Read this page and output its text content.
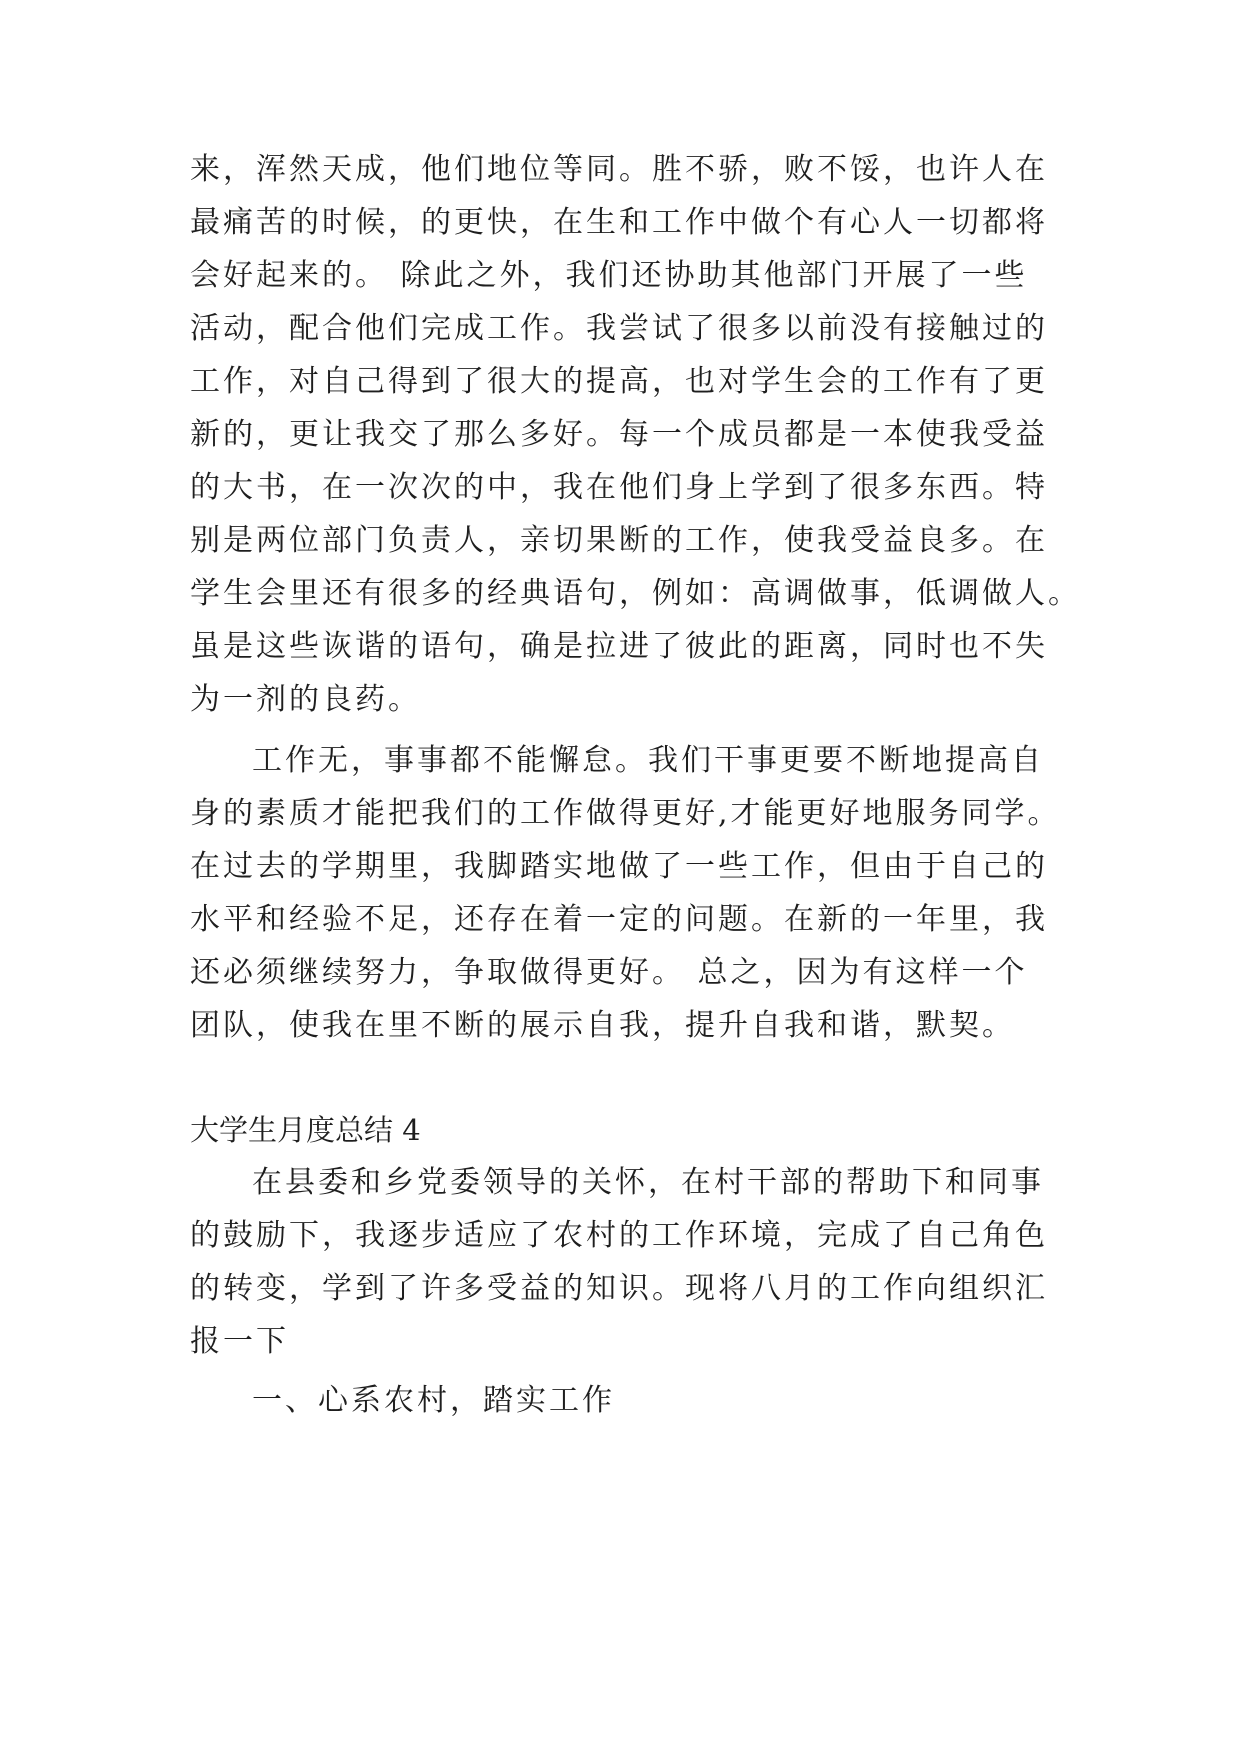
来，浑然天成，他们地位等同。胜不骄，败不馁，也许人在
最痛苦的时候，的更快，在生和工作中做个有心人一切都将
会好起来的。 除此之外，我们还协助其他部门开展了一些
活动，配合他们完成工作。我尝试了很多以前没有接触过的
工作，对自己得到了很大的提高，也对学生会的工作有了更
新的，更让我交了那么多好。每一个成员都是一本使我受益
的大书，在一次次的中，我在他们身上学到了很多东西。特
别是两位部门负责人，亲切果断的工作，使我受益良多。在
学生会里还有很多的经典语句，例如：高调做事，低调做人。
虽是这些诙谐的语句，确是拉进了彼此的距离，同时也不失
为一剂的良药。
工作无，事事都不能懈怠。我们干事更要不断地提高自
身的素质才能把我们的工作做得更好,才能更好地服务同学。
在过去的学期里，我脚踏实地做了一些工作，但由于自己的
水平和经验不足，还存在着一定的问题。在新的一年里，我
还必须继续努力，争取做得更好。 总之，因为有这样一个
团队，使我在里不断的展示自我，提升自我和谐，默契。
大学生月度总结 4
在县委和乡党委领导的关怀，在村干部的帮助下和同事
的鼓励下，我逐步适应了农村的工作环境，完成了自己角色
的转变，学到了许多受益的知识。现将八月的工作向组织汇
报一下
一、心系农村，踏实工作
